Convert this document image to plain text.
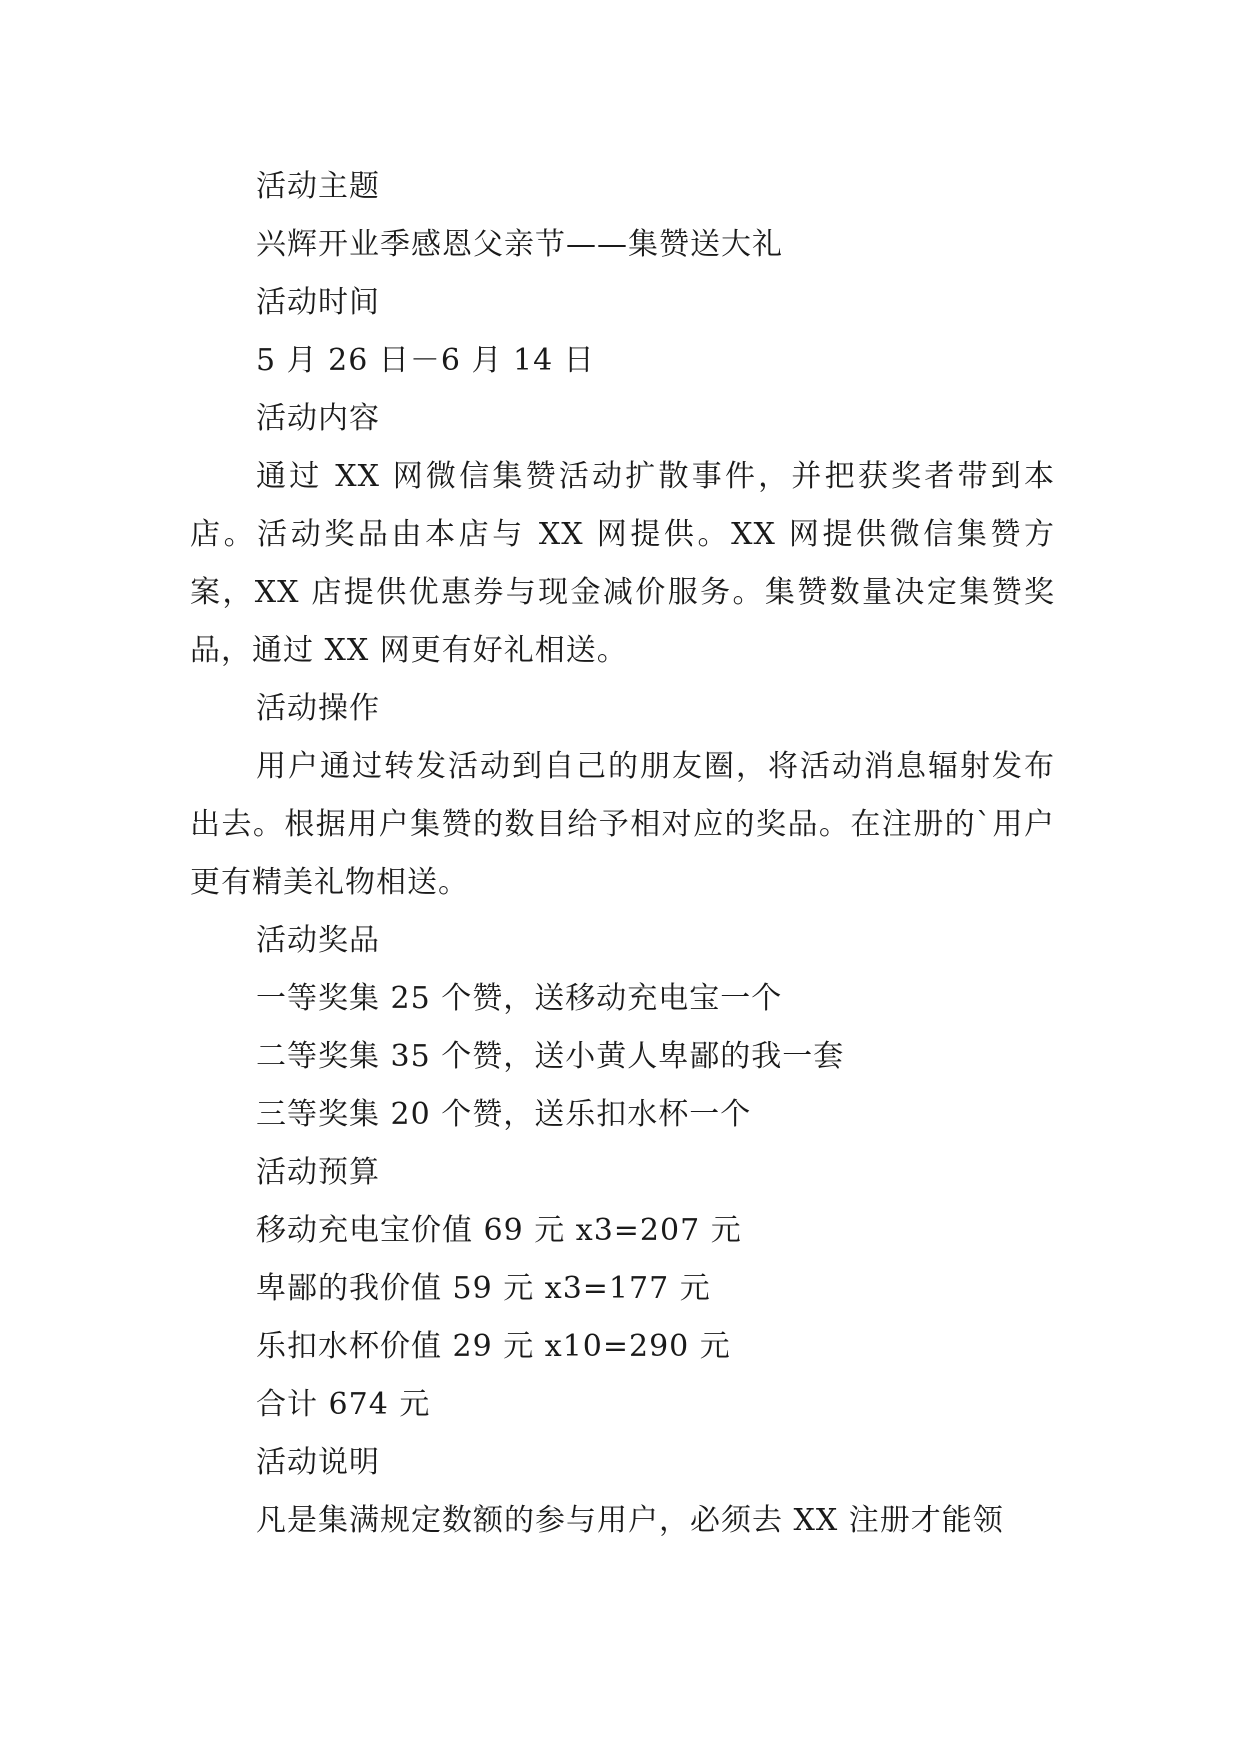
活动主题
兴辉开业季感恩父亲节——集赞送大礼
活动时间
5 月 26 日－6 月 14 日
活动内容

通过 XX 网微信集赞活动扩散事件，并把获奖者带到本店。活动奖品由本店与 XX 网提供。XX 网提供微信集赞方案，XX 店提供优惠券与现金减价服务。集赞数量决定集赞奖品，通过 XX 网更有好礼相送。

活动操作

用户通过转发活动到自己的朋友圈，将活动消息辐射发布出去。根据用户集赞的数目给予相对应的奖品。在注册的`用户更有精美礼物相送。

活动奖品
一等奖集 25 个赞，送移动充电宝一个
二等奖集 35 个赞，送小黄人卑鄙的我一套
三等奖集 20 个赞，送乐扣水杯一个
活动预算
移动充电宝价值 69 元 x3=207 元
卑鄙的我价值 59 元 x3=177 元
乐扣水杯价值 29 元 x10=290 元
合计 674 元
活动说明
凡是集满规定数额的参与用户，必须去 XX 注册才能领
